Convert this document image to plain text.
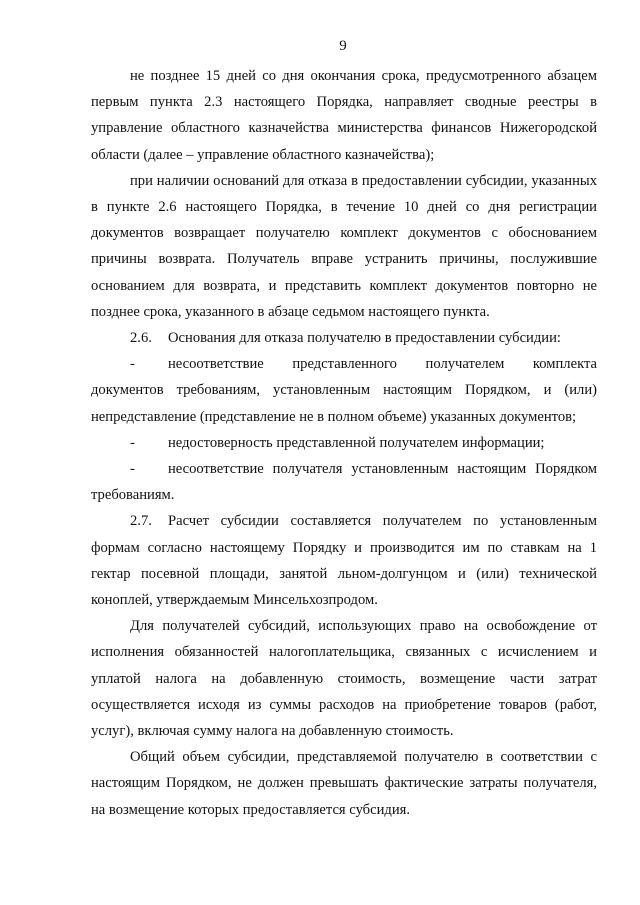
9

не позднее 15 дней со дня окончания срока, предусмотренного абзацем первым пункта 2.3 настоящего Порядка, направляет сводные реестры в управление областного казначейства министерства финансов Нижегородской области (далее – управление областного казначейства);

при наличии оснований для отказа в предоставлении субсидии, указанных в пункте 2.6 настоящего Порядка, в течение 10 дней со дня регистрации документов возвращает получателю комплект документов с обоснованием причины возврата. Получатель вправе устранить причины, послужившие основанием для возврата, и представить комплект документов повторно не позднее срока, указанного в абзаце седьмом настоящего пункта.

2.6. Основания для отказа получателю в предоставлении субсидии:

- несоответствие представленного получателем комплекта документов требованиям, установленным настоящим Порядком, и (или) непредставление (представление не в полном объеме) указанных документов;

- недостоверность представленной получателем информации;

- несоответствие получателя установленным настоящим Порядком требованиям.

2.7. Расчет субсидии составляется получателем по установленным формам согласно настоящему Порядку и производится им по ставкам на 1 гектар посевной площади, занятой льном-долгунцом и (или) технической коноплей, утверждаемым Минсельхозпродом.

Для получателей субсидий, использующих право на освобождение от исполнения обязанностей налогоплательщика, связанных с исчислением и уплатой налога на добавленную стоимость, возмещение части затрат осуществляется исходя из суммы расходов на приобретение товаров (работ, услуг), включая сумму налога на добавленную стоимость.

Общий объем субсидии, представляемой получателю в соответствии с настоящим Порядком, не должен превышать фактические затраты получателя, на возмещение которых предоставляется субсидия.
